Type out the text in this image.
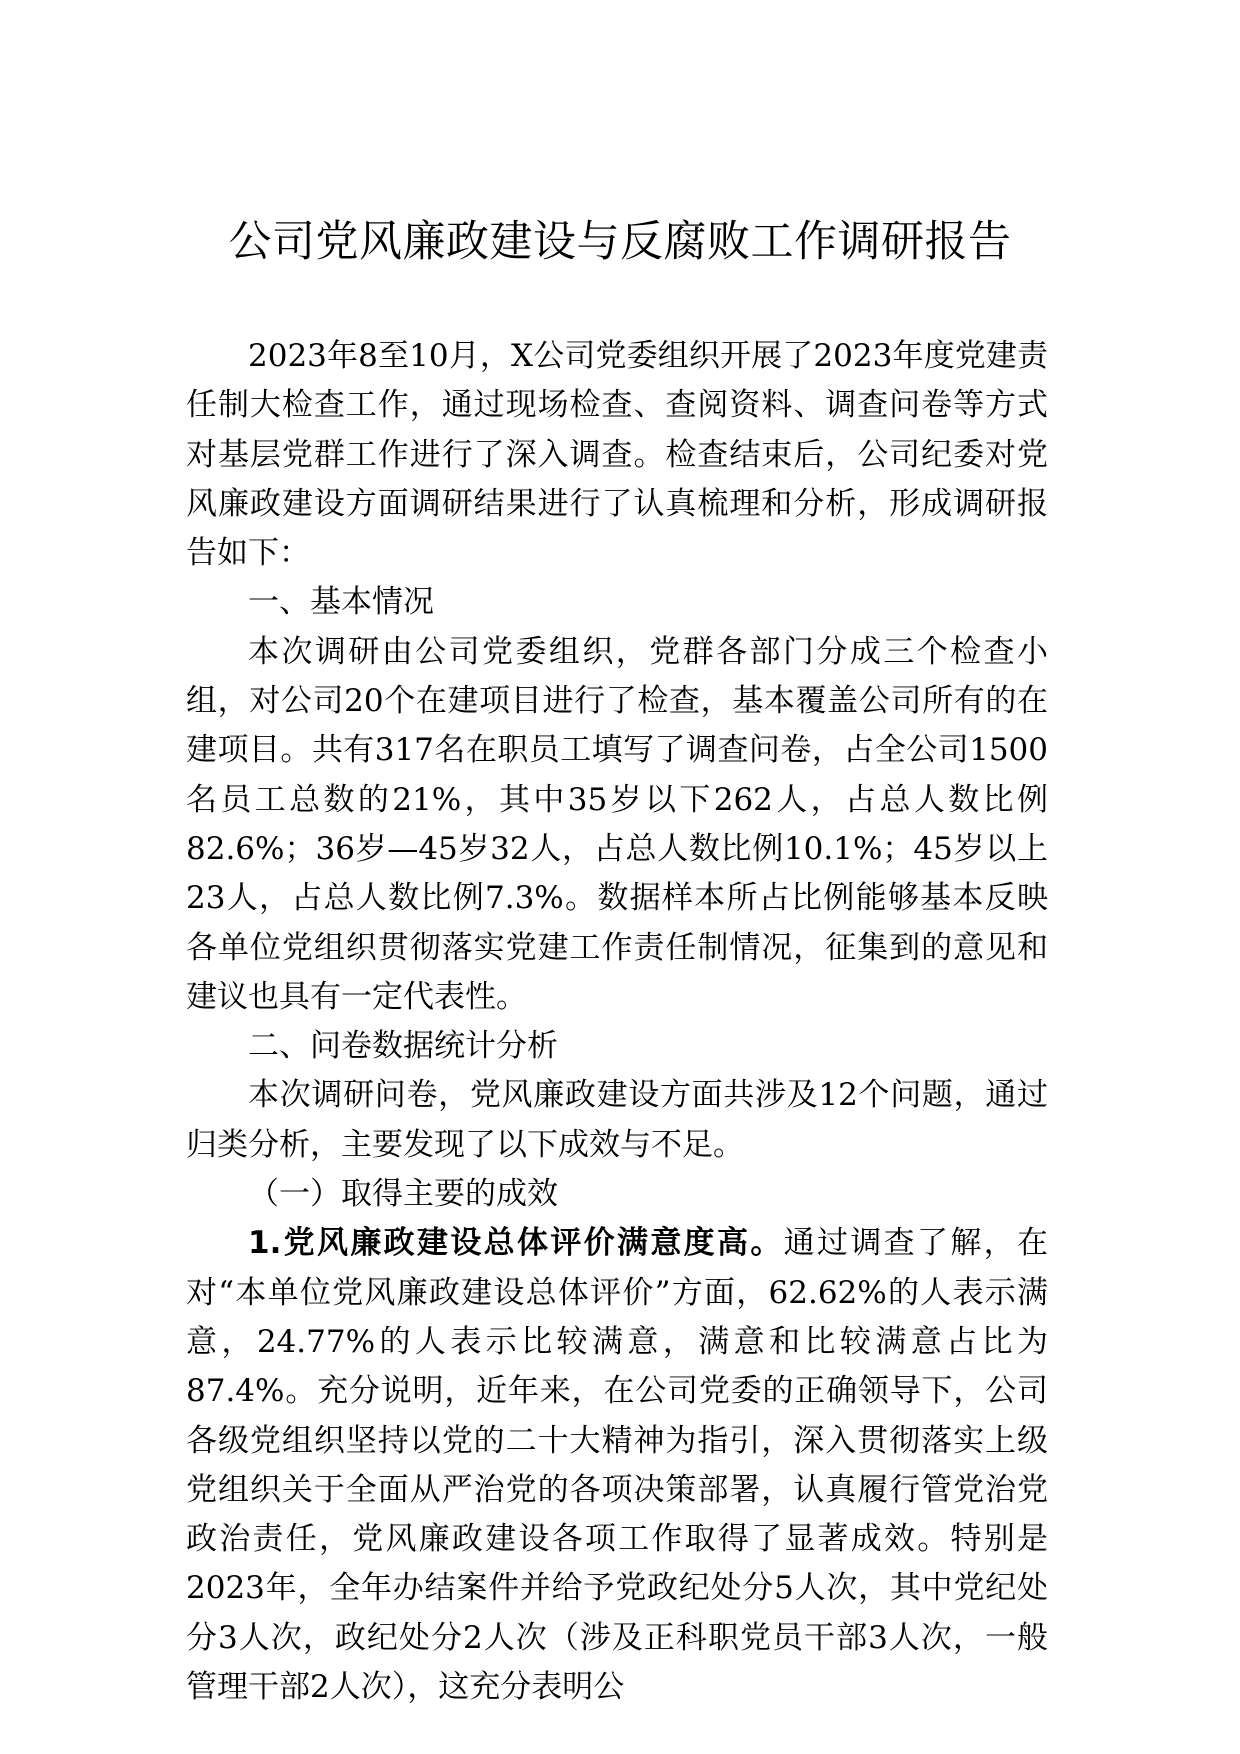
公司党风廉政建设与反腐败工作调研报告

2023年8至10月，X公司党委组织开展了2023年度党建责任制大检查工作，通过现场检查、查阅资料、调查问卷等方式对基层党群工作进行了深入调查。检查结束后，公司纪委对党风廉政建设方面调研结果进行了认真梳理和分析，形成调研报告如下：

一、基本情况

本次调研由公司党委组织，党群各部门分成三个检查小组，对公司20个在建项目进行了检查，基本覆盖公司所有的在建项目。共有317名在职员工填写了调查问卷，占全公司1500名员工总数的21%，其中35岁以下262人，占总人数比例82.6%；36岁—45岁32人，占总人数比例10.1%；45岁以上23人，占总人数比例7.3%。数据样本所占比例能够基本反映各单位党组织贯彻落实党建工作责任制情况，征集到的意见和建议也具有一定代表性。

二、问卷数据统计分析

本次调研问卷，党风廉政建设方面共涉及12个问题，通过归类分析，主要发现了以下成效与不足。

（一）取得主要的成效

1.党风廉政建设总体评价满意度高。通过调查了解，在对“本单位党风廉政建设总体评价”方面，62.62%的人表示满意，24.77%的人表示比较满意，满意和比较满意占比为87.4%。充分说明，近年来，在公司党委的正确领导下，公司各级党组织坚持以党的二十大精神为指引，深入贯彻落实上级党组织关于全面从严治党的各项决策部署，认真履行管党治党政治责任，党风廉政建设各项工作取得了显著成效。特别是2023年，全年办结案件并给予党政纪处分5人次，其中党纪处分3人次，政纪处分2人次（涉及正科职党员干部3人次，一般管理干部2人次），这充分表明公
